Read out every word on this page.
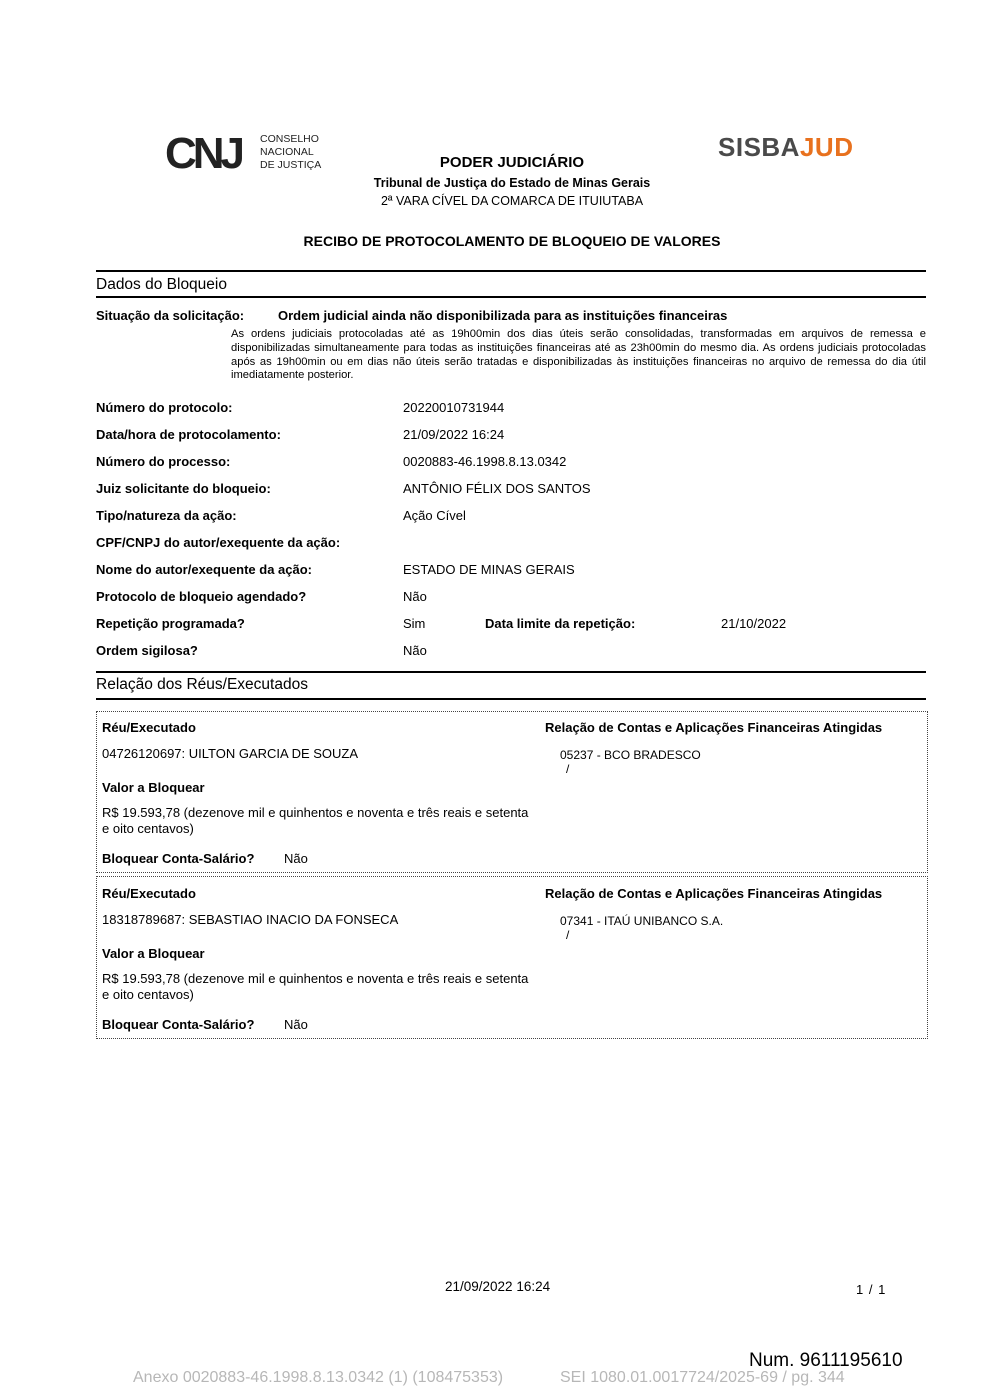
CNJ CONSELHO
NACIONAL
DE JUSTIÇA
SISBAJUD
PODER JUDICIÁRIO
Tribunal de Justiça do Estado de Minas Gerais
2ª VARA CÍVEL DA COMARCA DE ITUIUTABA
RECIBO DE PROTOCOLAMENTO DE BLOQUEIO DE VALORES
Dados do Bloqueio
Situação da solicitação:	Ordem judicial ainda não disponibilizada para as instituições financeiras
As ordens judiciais protocoladas até as 19h00min dos dias úteis serão consolidadas, transformadas em arquivos de remessa e disponibilizadas simultaneamente para todas as instituições financeiras até as 23h00min do mesmo dia. As ordens judiciais protocoladas após as 19h00min ou em dias não úteis serão tratadas e disponibilizadas às instituições financeiras no arquivo de remessa do dia útil imediatamente posterior.
Número do protocolo:	20220010731944
Data/hora de protocolamento:	21/09/2022 16:24
Número do processo:	0020883-46.1998.8.13.0342
Juiz solicitante do bloqueio:	ANTÔNIO FÉLIX DOS SANTOS
Tipo/natureza da ação:	Ação Cível
CPF/CNPJ do autor/exequente da ação:
Nome do autor/exequente da ação:	ESTADO DE MINAS GERAIS
Protocolo de bloqueio agendado?	Não
Repetição programada?	Sim	Data limite da repetição:	21/10/2022
Ordem sigilosa?	Não
Relação dos Réus/Executados
Réu/Executado	Relação de Contas e Aplicações Financeiras Atingidas
04726120697: UILTON GARCIA DE SOUZA	05237 - BCO BRADESCO
/
Valor a Bloquear
R$ 19.593,78 (dezenove mil e quinhentos e noventa e três reais e setenta
e oito centavos)
Bloquear Conta-Salário? Não
Réu/Executado	Relação de Contas e Aplicações Financeiras Atingidas
18318789687: SEBASTIAO INACIO DA FONSECA	07341 - ITAÚ UNIBANCO S.A.
/
Valor a Bloquear
R$ 19.593,78 (dezenove mil e quinhentos e noventa e três reais e setenta
e oito centavos)
Bloquear Conta-Salário? Não
21/09/2022 16:24	1 / 1
Num. 9611195610
Anexo 0020883-46.1998.8.13.0342 (1) (108475353)	SEI 1080.01.0017724/2025-69 / pg. 344
